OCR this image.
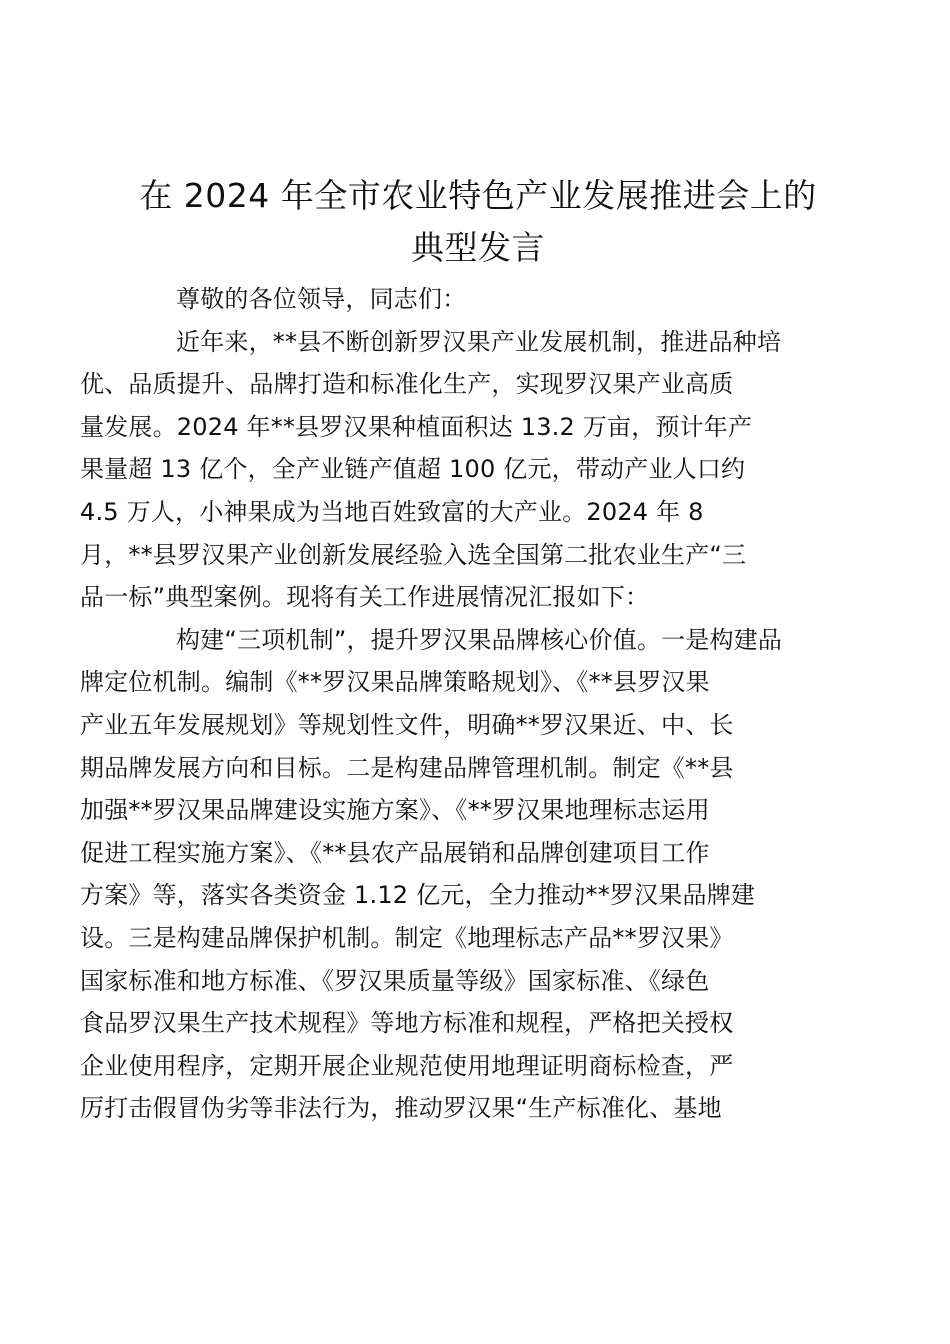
在 2024 年全市农业特色产业发展推进会上的
典型发言

尊敬的各位领导，同志们：

近年来，**县不断创新罗汉果产业发展机制，推进品种培
优、品质提升、品牌打造和标准化生产，实现罗汉果产业高质
量发展。2024 年**县罗汉果种植面积达 13.2 万亩，预计年产
果量超 13 亿个，全产业链产值超 100 亿元，带动产业人口约
4.5 万人，小神果成为当地百姓致富的大产业。2024 年 8
月，**县罗汉果产业创新发展经验入选全国第二批农业生产“三
品一标”典型案例。现将有关工作进展情况汇报如下：

构建“三项机制”，提升罗汉果品牌核心价值。一是构建品
牌定位机制。编制《**罗汉果品牌策略规划》、《**县罗汉果
产业五年发展规划》等规划性文件，明确**罗汉果近、中、长
期品牌发展方向和目标。二是构建品牌管理机制。制定《**县
加强**罗汉果品牌建设实施方案》、《**罗汉果地理标志运用
促进工程实施方案》、《**县农产品展销和品牌创建项目工作
方案》等，落实各类资金 1.12 亿元，全力推动**罗汉果品牌建
设。三是构建品牌保护机制。制定《地理标志产品**罗汉果》
国家标准和地方标准、《罗汉果质量等级》国家标准、《绿色
食品罗汉果生产技术规程》等地方标准和规程，严格把关授权
企业使用程序，定期开展企业规范使用地理证明商标检查，严
厉打击假冒伪劣等非法行为，推动罗汉果“生产标准化、基地
